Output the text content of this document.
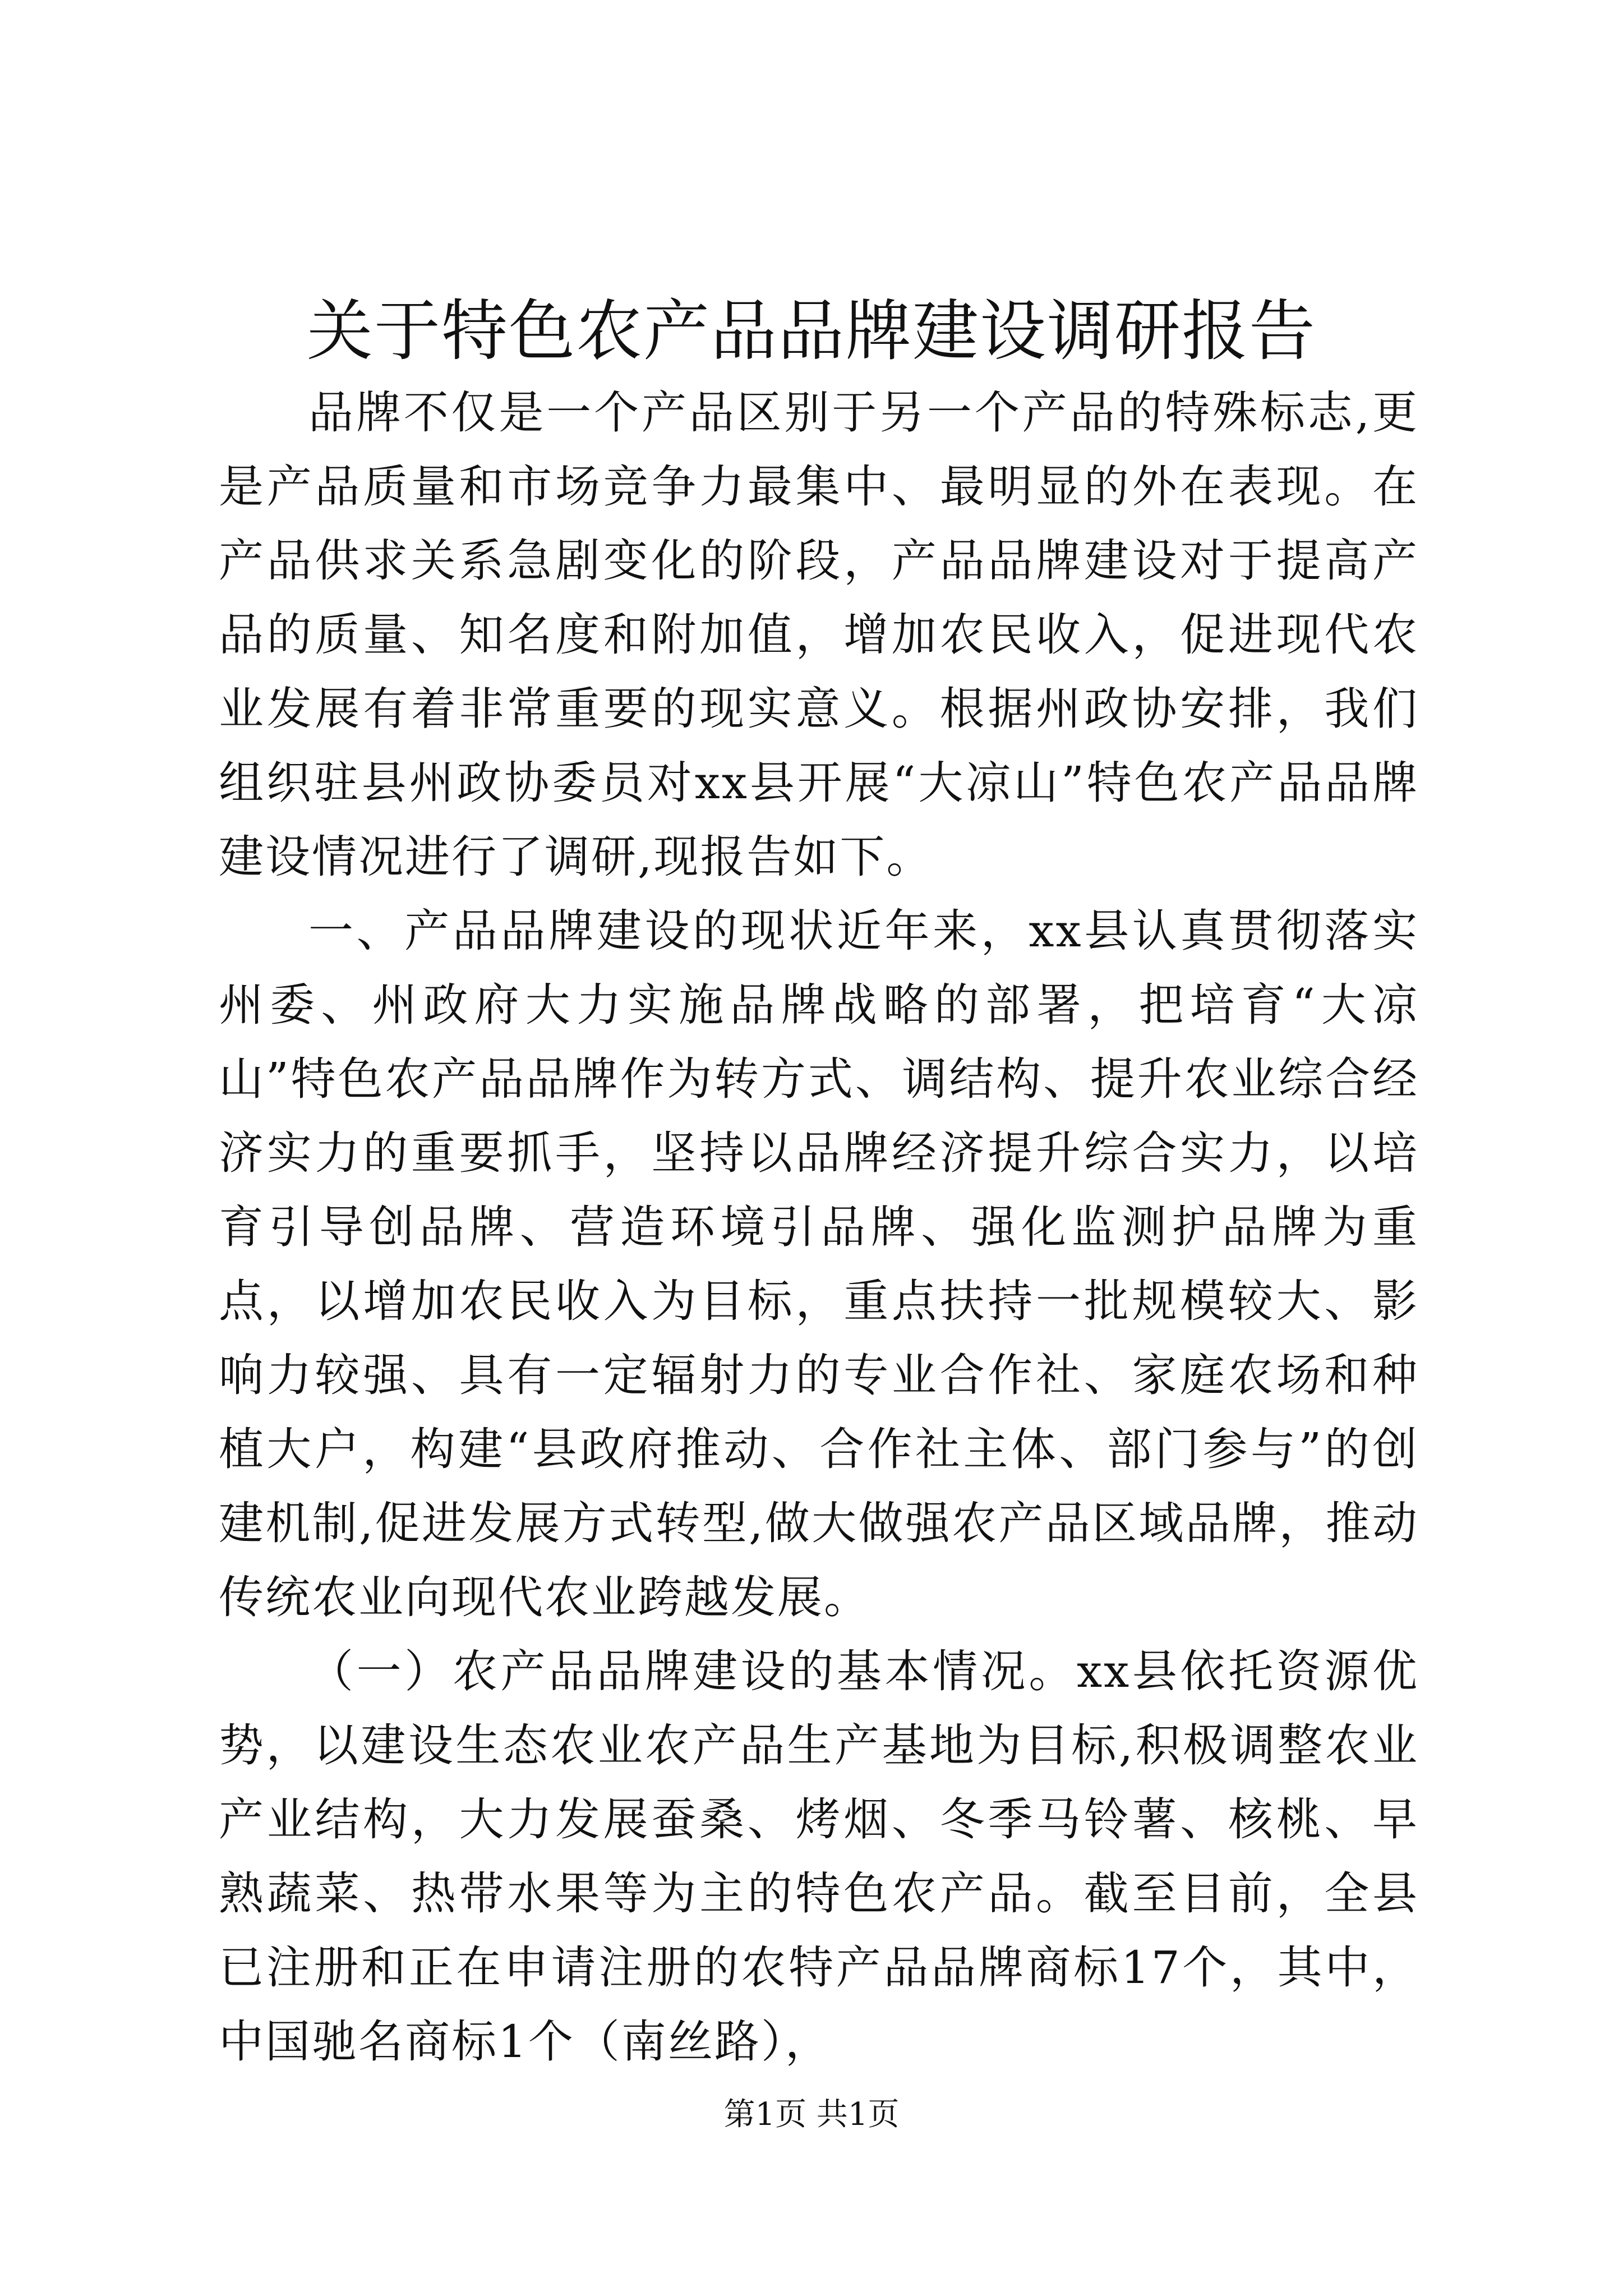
关于特色农产品品牌建设调研报告

品牌不仅是一个产品区别于另一个产品的特殊标志,更是产品质量和市场竞争力最集中、最明显的外在表现。在产品供求关系急剧变化的阶段，产品品牌建设对于提高产品的质量、知名度和附加值，增加农民收入，促进现代农业发展有着非常重要的现实意义。根据州政协安排，我们组织驻县州政协委员对xx县开展“大凉山”特色农产品品牌建设情况进行了调研,现报告如下。

一、产品品牌建设的现状近年来，xx县认真贯彻落实州委、州政府大力实施品牌战略的部署，把培育“大凉山”特色农产品品牌作为转方式、调结构、提升农业综合经济实力的重要抓手，坚持以品牌经济提升综合实力，以培育引导创品牌、营造环境引品牌、强化监测护品牌为重点，以增加农民收入为目标，重点扶持一批规模较大、影响力较强、具有一定辐射力的专业合作社、家庭农场和种植大户，构建“县政府推动、合作社主体、部门参与”的创建机制,促进发展方式转型,做大做强农产品区域品牌，推动传统农业向现代农业跨越发展。

（一）农产品品牌建设的基本情况。xx县依托资源优势，以建设生态农业农产品生产基地为目标,积极调整农业产业结构，大力发展蚕桑、烤烟、冬季马铃薯、核桃、早熟蔬菜、热带水果等为主的特色农产品。截至目前，全县已注册和正在申请注册的农特产品品牌商标17个，其中，中国驰名商标1个（南丝路），

第1页 共1页
